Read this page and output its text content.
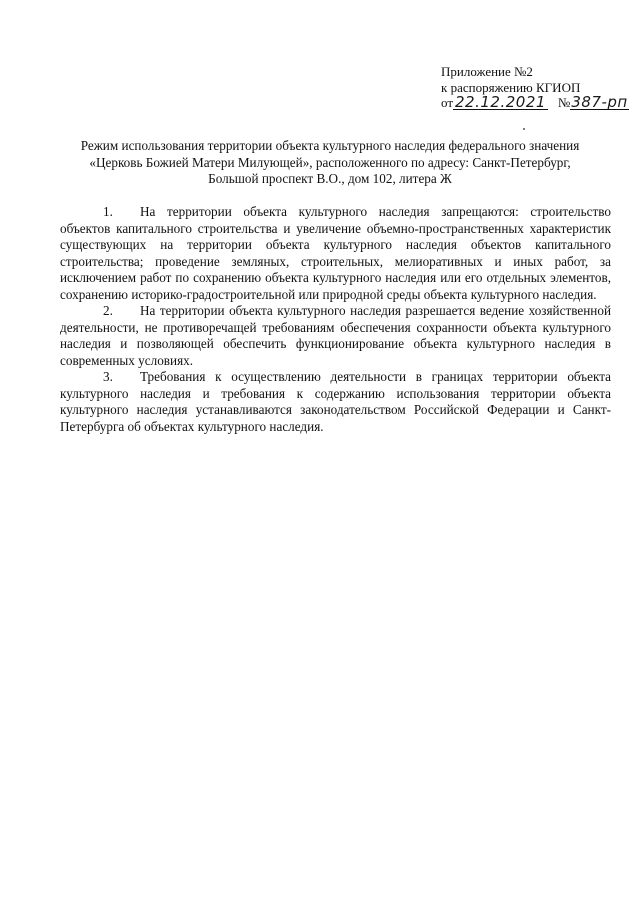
Приложение №2
к распоряжению КГИОП
от 22.12.2021 №387-рп
Режим использования территории объекта культурного наследия федерального значения
«Церковь Божией Матери Милующей», расположенного по адресу: Санкт-Петербург,
Большой проспект В.О., дом 102, литера Ж

1. На территории объекта культурного наследия запрещаются: строительство объектов капитального строительства и увеличение объемно-пространственных характеристик существующих на территории объекта культурного наследия объектов капитального строительства; проведение земляных, строительных, мелиоративных и иных работ, за исключением работ по сохранению объекта культурного наследия или его отдельных элементов, сохранению историко-градостроительной или природной среды объекта культурного наследия.

2. На территории объекта культурного наследия разрешается ведение хозяйственной деятельности, не противоречащей требованиям обеспечения сохранности объекта культурного наследия и позволяющей обеспечить функционирование объекта культурного наследия в современных условиях.

3. Требования к осуществлению деятельности в границах территории объекта культурного наследия и требования к содержанию использования территории объекта культурного наследия устанавливаются законодательством Российской Федерации и Санкт-Петербурга об объектах культурного наследия.
